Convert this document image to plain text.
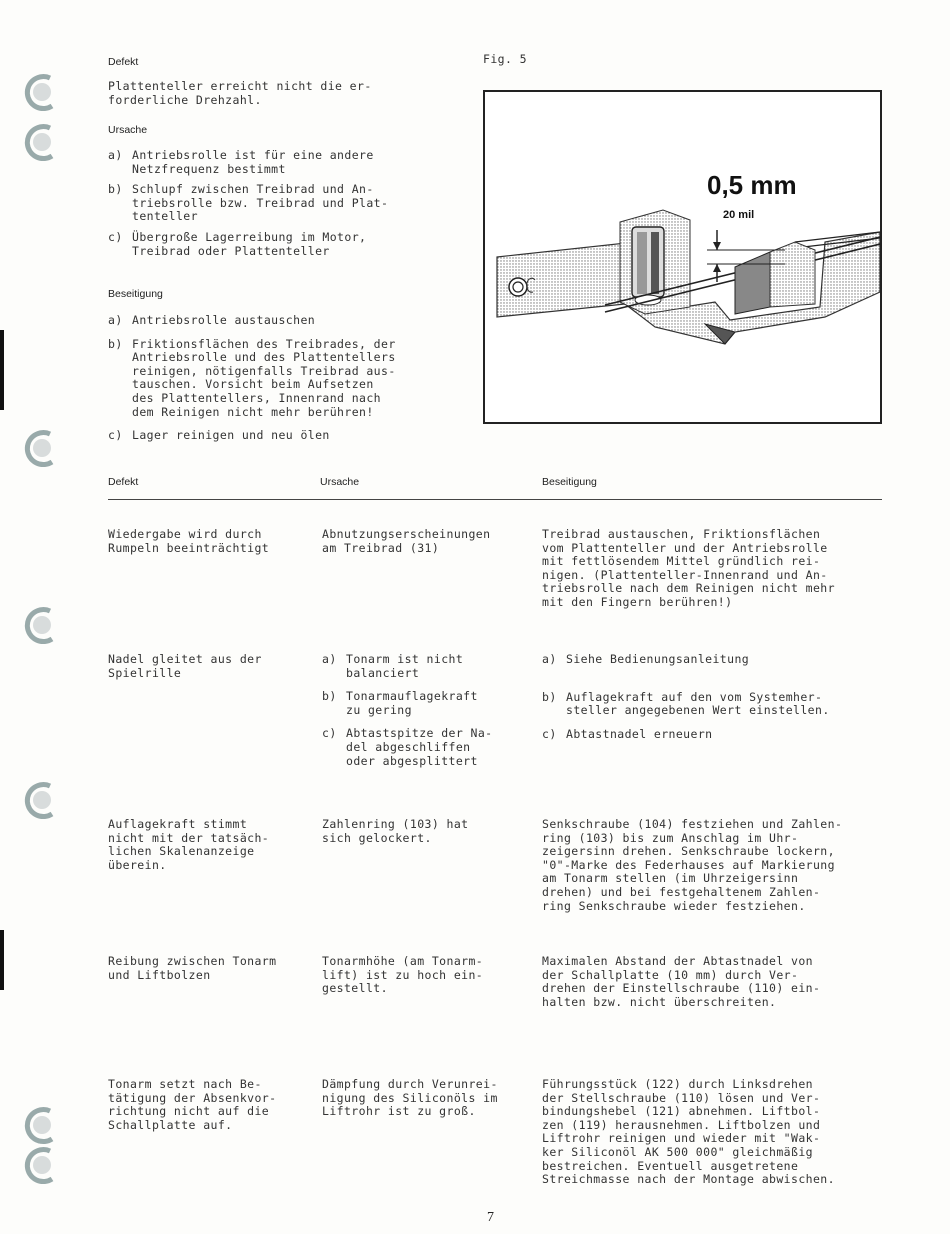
Defekt
Plattenteller erreicht nicht die er-
forderliche Drehzahl.
Ursache
a) Antriebsrolle ist für eine andere
Netzfrequenz bestimmt
b) Schlupf zwischen Treibrad und An-
triebsrolle bzw. Treibrad und Plat-
tenteller
c) Übergroße Lagerreibung im Motor,
Treibrad oder Plattenteller
Beseitigung
a) Antriebsrolle austauschen
b) Friktionsflächen des Treibrades, der
Antriebsrolle und des Plattentellers
reinigen, nötigenfalls Treibrad aus-
tauschen. Vorsicht beim Aufsetzen
des Plattentellers, Innenrand nach
dem Reinigen nicht mehr berühren!
c) Lager reinigen und neu ölen
Fig. 5
0,5 mm
20 mil
Defekt	Ursache	Beseitigung
Wiedergabe wird durch
Rumpeln beeinträchtigt
Abnutzungserscheinungen
am Treibrad (31)
Treibrad austauschen, Friktionsflächen
vom Plattenteller und der Antriebsrolle
mit fettlösendem Mittel gründlich rei-
nigen. (Plattenteller-Innenrand und An-
triebsrolle nach dem Reinigen nicht mehr
mit den Fingern berühren!)
Nadel gleitet aus der
Spielrille
a) Tonarm ist nicht
balanciert
b) Tonarmauflagekraft
zu gering
c) Abtastspitze der Na-
del abgeschliffen
oder abgesplittert
a) Siehe Bedienungsanleitung
b) Auflagekraft auf den vom Systemher-
steller angegebenen Wert einstellen.
c) Abtastnadel erneuern
Auflagekraft stimmt
nicht mit der tatsäch-
lichen Skalenanzeige
überein.
Zahlenring (103) hat
sich gelockert.
Senkschraube (104) festziehen und Zahlen-
ring (103) bis zum Anschlag im Uhr-
zeigersinn drehen. Senkschraube lockern,
"0"-Marke des Federhauses auf Markierung
am Tonarm stellen (im Uhrzeigersinn
drehen) und bei festgehaltenem Zahlen-
ring Senkschraube wieder festziehen.
Reibung zwischen Tonarm
und Liftbolzen
Tonarmhöhe (am Tonarm-
lift) ist zu hoch ein-
gestellt.
Maximalen Abstand der Abtastnadel von
der Schallplatte (10 mm) durch Ver-
drehen der Einstellschraube (110) ein-
halten bzw. nicht überschreiten.
Tonarm setzt nach Be-
tätigung der Absenkvor-
richtung nicht auf die
Schallplatte auf.
Dämpfung durch Verunrei-
nigung des Siliconöls im
Liftrohr ist zu groß.
Führungsstück (122) durch Linksdrehen
der Stellschraube (110) lösen und Ver-
bindungshebel (121) abnehmen. Liftbol-
zen (119) herausnehmen. Liftbolzen und
Liftrohr reinigen und wieder mit "Wak-
ker Siliconöl AK 500 000" gleichmäßig
bestreichen. Eventuell ausgetretene
Streichmasse nach der Montage abwischen.
7
